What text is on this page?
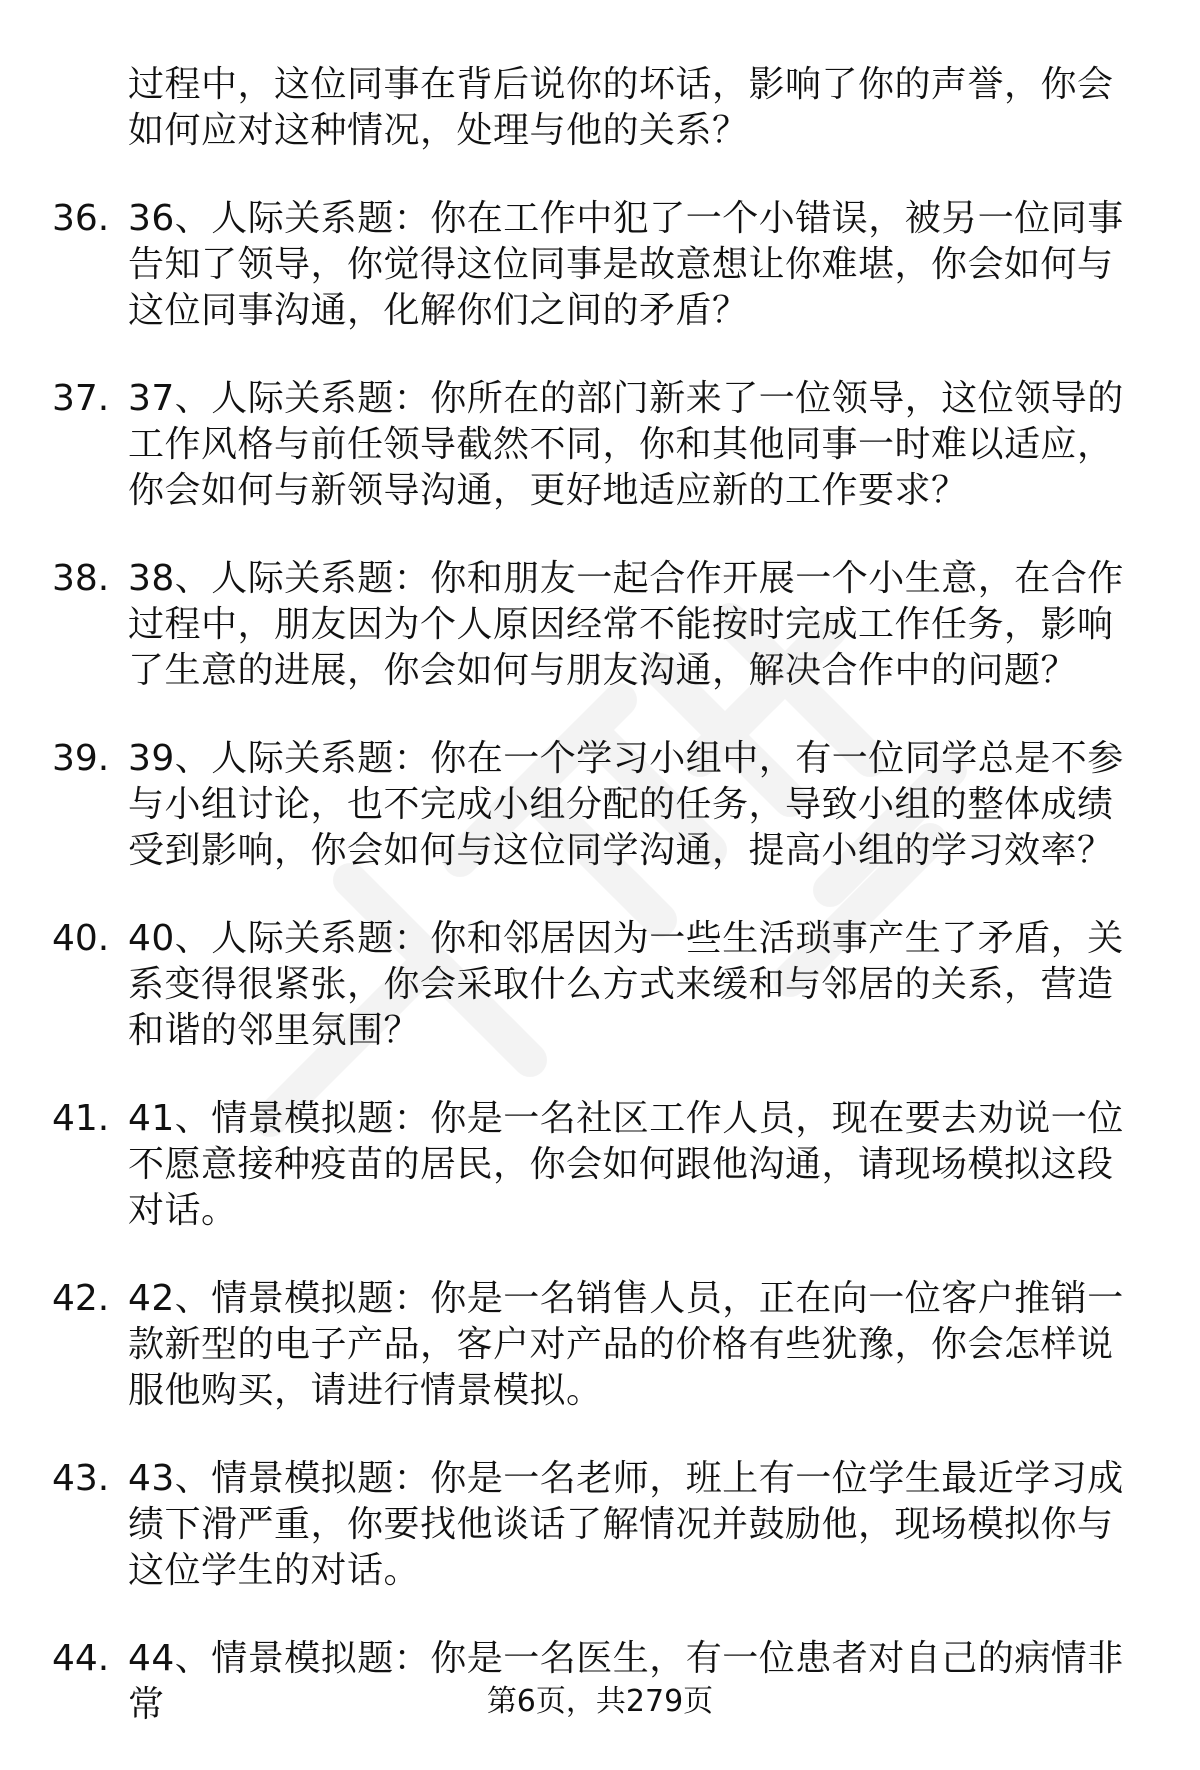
过程中，这位同事在背后说你的坏话，影响了你的声誉，你会如何应对这种情况，处理与他的关系？
36. 36、人际关系题：你在工作中犯了一个小错误，被另一位同事告知了领导，你觉得这位同事是故意想让你难堪，你会如何与这位同事沟通，化解你们之间的矛盾？
37. 37、人际关系题：你所在的部门新来了一位领导，这位领导的工作风格与前任领导截然不同，你和其他同事一时难以适应，你会如何与新领导沟通，更好地适应新的工作要求？
38. 38、人际关系题：你和朋友一起合作开展一个小生意，在合作过程中，朋友因为个人原因经常不能按时完成工作任务，影响了生意的进展，你会如何与朋友沟通，解决合作中的问题？
39. 39、人际关系题：你在一个学习小组中，有一位同学总是不参与小组讨论，也不完成小组分配的任务，导致小组的整体成绩受到影响，你会如何与这位同学沟通，提高小组的学习效率？
40. 40、人际关系题：你和邻居因为一些生活琐事产生了矛盾，关系变得很紧张，你会采取什么方式来缓和与邻居的关系，营造和谐的邻里氛围？
41. 41、情景模拟题：你是一名社区工作人员，现在要去劝说一位不愿意接种疫苗的居民，你会如何跟他沟通，请现场模拟这段对话。
42. 42、情景模拟题：你是一名销售人员，正在向一位客户推销一款新型的电子产品，客户对产品的价格有些犹豫，你会怎样说服他购买，请进行情景模拟。
43. 43、情景模拟题：你是一名老师，班上有一位学生最近学习成绩下滑严重，你要找他谈话了解情况并鼓励他，现场模拟你与这位学生的对话。
44. 44、情景模拟题：你是一名医生，有一位患者对自己的病情非常	第6页，共279页
